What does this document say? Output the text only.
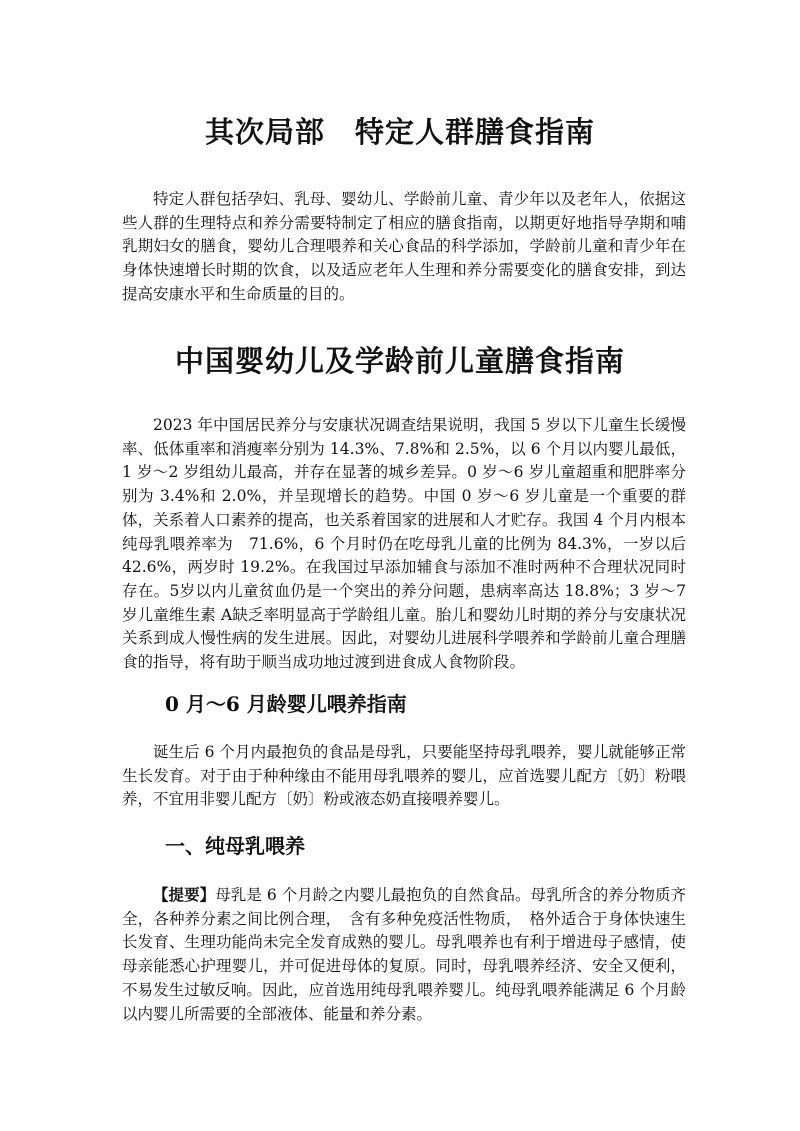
其次局部　特定人群膳食指南

特定人群包括孕妇、乳母、婴幼儿、学龄前儿童、青少年以及老年人，依据这些人群的生理特点和养分需要特制定了相应的膳食指南，以期更好地指导孕期和哺乳期妇女的膳食，婴幼儿合理喂养和关心食品的科学添加，学龄前儿童和青少年在身体快速增长时期的饮食，以及适应老年人生理和养分需要变化的膳食安排，到达提高安康水平和生命质量的目的。

中国婴幼儿及学龄前儿童膳食指南

2023 年中国居民养分与安康状况调查结果说明，我国 5 岁以下儿童生长缓慢率、低体重率和消瘦率分别为 14.3%、7.8%和 2.5%，以 6 个月以内婴儿最低，1 岁～2 岁组幼儿最高，并存在显著的城乡差异。0 岁～6 岁儿童超重和肥胖率分别为 3.4%和 2.0%，并呈现增长的趋势。中国 0 岁～6 岁儿童是一个重要的群体，关系着人口素养的提高，也关系着国家的进展和人才贮存。我国 4 个月内根本纯母乳喂养率为　71.6%，6 个月时仍在吃母乳儿童的比例为 84.3%，一岁以后 42.6%，两岁时 19.2%。在我国过早添加辅食与添加不准时两种不合理状况同时存在。5岁以内儿童贫血仍是一个突出的养分问题，患病率高达 18.8%；3 岁～7 岁儿童维生素 A缺乏率明显高于学龄组儿童。胎儿和婴幼儿时期的养分与安康状况关系到成人慢性病的发生进展。因此，对婴幼儿进展科学喂养和学龄前儿童合理膳食的指导，将有助于顺当成功地过渡到进食成人食物阶段。

0 月～6 月龄婴儿喂养指南

诞生后 6 个月内最抱负的食品是母乳，只要能坚持母乳喂养，婴儿就能够正常生长发育。对于由于种种缘由不能用母乳喂养的婴儿，应首选婴儿配方〔奶〕粉喂养，不宜用非婴儿配方〔奶〕粉或液态奶直接喂养婴儿。

一、纯母乳喂养

【提要】母乳是 6 个月龄之内婴儿最抱负的自然食品。母乳所含的养分物质齐全，各种养分素之间比例合理，　含有多种免疫活性物质，　格外适合于身体快速生长发育、生理功能尚未完全发育成熟的婴儿。母乳喂养也有利于增进母子感情，使母亲能悉心护理婴儿，并可促进母体的复原。同时，母乳喂养经济、安全又便利，不易发生过敏反响。因此，应首选用纯母乳喂养婴儿。纯母乳喂养能满足 6 个月龄以内婴儿所需要的全部液体、能量和养分素。
